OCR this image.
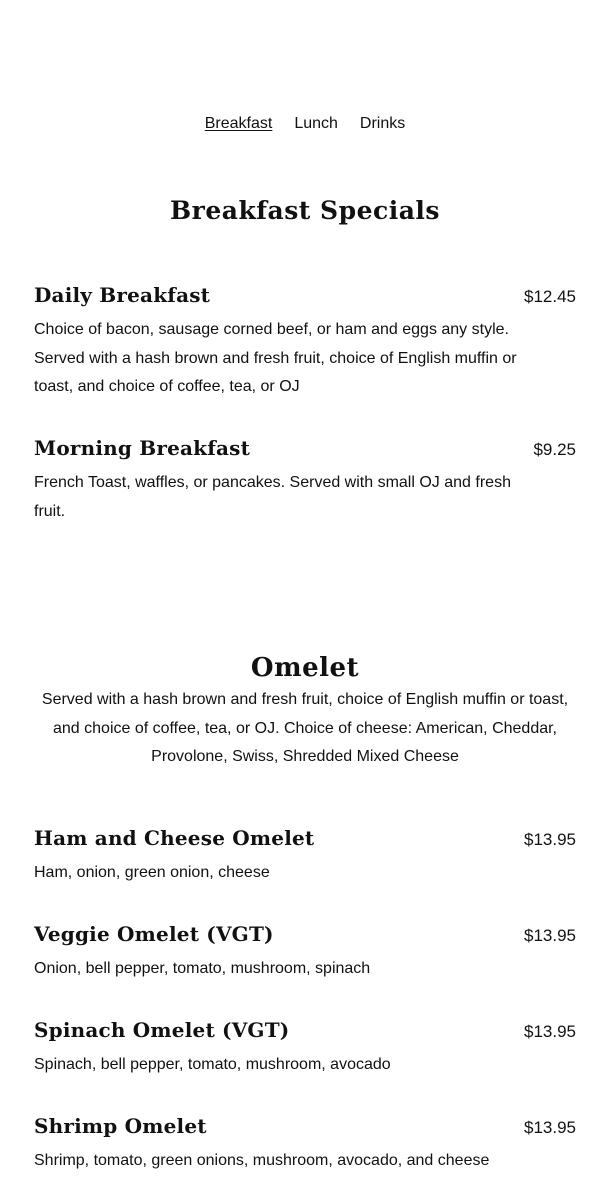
Breakfast Lunch Drinks
Breakfast Specials
Daily Breakfast	$12.45
Choice of bacon, sausage corned beef, or ham and eggs any style. Served with a hash brown and fresh fruit, choice of English muffin or toast, and choice of coffee, tea, or OJ
Morning Breakfast	$9.25
French Toast, waffles, or pancakes. Served with small OJ and fresh fruit.
Omelet

Served with a hash brown and fresh fruit, choice of English muffin or toast, and choice of coffee, tea, or OJ. Choice of cheese: American, Cheddar, Provolone, Swiss, Shredded Mixed Cheese

Ham and Cheese Omelet	$13.95
Ham, onion, green onion, cheese
Veggie Omelet (VGT)	$13.95
Onion, bell pepper, tomato, mushroom, spinach
Spinach Omelet (VGT)	$13.95
Spinach, bell pepper, tomato, mushroom, avocado
Shrimp Omelet	$13.95
Shrimp, tomato, green onions, mushroom, avocado, and cheese
